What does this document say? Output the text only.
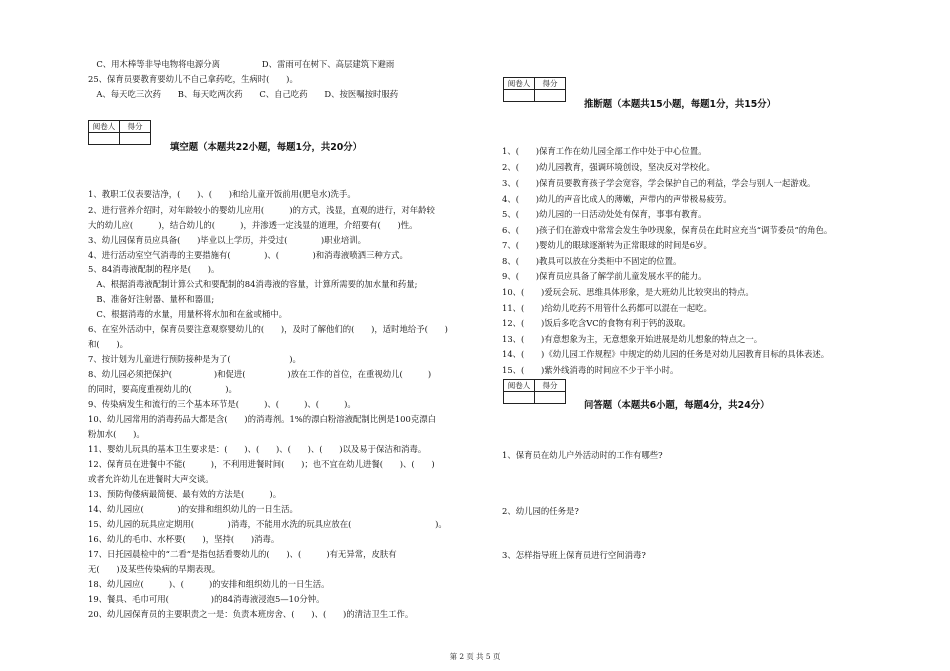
　C、用木棒等非导电物将电源分离　　　　　D、雷雨可在树下、高层建筑下避雨
25、保育员要教育要幼儿不自己拿药吃，生病时(　　)。
　A、每天吃三次药　　B、每天吃两次药　　C、自己吃药　　D、按医嘱按时服药
阅卷人	得分

填空题（本题共22小题，每题1分，共20分）
1、教职工仪表要洁净，(　　)、(　　)和给儿童开饭前用(肥皂水)洗手。
2、进行营养介绍时，对年龄较小的婴幼儿应用(　　　)的方式，浅显，直观的进行，对年龄较
大的幼儿应(　　　)，结合幼儿的(　　　)，并渗透一定浅显的道理，介绍要有(　　)性。
3、幼儿园保育员应具备(　　)毕业以上学历，并受过(　　　　)职业培训。
4、进行活动室空气消毒的主要措施有(　　　　)、(　　　　)和消毒液喷洒三种方式。
5、84消毒液配制的程序是(　　)。
　A、根据消毒液配制计算公式和要配制的84消毒液的容量，计算所需要的加水量和药量;
　B、准备好注射器、量杯和器皿;
　C、根据消毒的水量，用量杯将水加和在盆或桶中。
6、在室外活动中，保育员要注意观察婴幼儿的(　　)，及时了解他们的(　　)，适时地给予(　　)
和(　　)。
7、按计划为儿童进行预防接种是为了(　　　　　　　)。
8、幼儿园必须把保护(　　　　　)和促进(　　　　　)放在工作的首位，在重视幼儿(　　　)
的同时，要高度重视幼儿的(　　　　)。
9、传染病发生和流行的三个基本环节是(　　　)、(　　　)、(　　　)。
10、幼儿园常用的消毒药品大都是含(　　)的消毒剂。1%的漂白粉溶液配制比例是100克漂白
粉加水(　　)。
11、婴幼儿玩具的基本卫生要求是：(　　)、(　　)、(　　)、(　　)以及易于保洁和消毒。
12、保育员在进餐中不能(　　　)，不利用进餐时间(　　)；也不宜在幼儿进餐(　　)、(　　)
或者允许幼儿在进餐时大声交谈。
13、预防佝偻病最简便、最有效的方法是(　　　)。
14、幼儿园应(　　　　)的安排和组织幼儿的一日生活。
15、幼儿园的玩具应定期用(　　　　)消毒，不能用水洗的玩具应放在(　　　　　　　　　　)。
16、幼儿的毛巾、水杯要(　　)，坚持(　　)消毒。
17、日托园晨检中的“二看”是指包括看婴幼儿的(　　)、(　　　)有无异常，皮肤有
无(　　)及某些传染病的早期表现。
18、幼儿园应(　　　)、(　　　)的安排和组织幼儿的一日生活。
19、餐具、毛巾可用(　　　　　)的84消毒液浸泡5—10分钟。
20、幼儿园保育员的主要职责之一是：负责本班房舍、(　　)、(　　)的清洁卫生工作。
阅卷人	得分

推断题（本题共15小题，每题1分，共15分）
1、(　　)保育工作在幼儿园全部工作中处于中心位置。
2、(　　)幼儿园教育，强调环境创设，坚决反对学校化。
3、(　　)保育员要教育孩子学会宽容，学会保护自己的利益，学会与别人一起游戏。
4、(　　)幼儿的声音比成人的薄嫩，声带内的声带极易疲劳。
5、(　　)幼儿园的一日活动处处有保育，事事有教育。
6、(　　)孩子们在游戏中常常会发生争吵现象，保育员在此时应充当“调节委员”的角色。
7、(　　)婴幼儿的眼球逐渐转为正常眼球的时间是6岁。
8、(　　)教具可以放在分类柜中不固定的位置。
9、(　　)保育员应具备了解学前儿童发展水平的能力。
10、(　　)爱玩会玩、思维具体形象，是大班幼儿比较突出的特点。
11、(　　)给幼儿吃药不用管什么药都可以混在一起吃。
12、(　　)饭后多吃含VC的食物有利于钙的汲取。
13、(　　)有意想象为主，无意想象开始进展是幼儿想象的特点之一。
14、(　　)《幼儿园工作规程》中规定的幼儿园的任务是对幼儿园教育目标的具体表述。
15、(　　)紫外线消毒的时间应不少于半小时。
阅卷人	得分

问答题（本题共6小题，每题4分，共24分）
1、保育员在幼儿户外活动时的工作有哪些?
2、幼儿园的任务是?
3、怎样指导班上保育员进行空间消毒?
第 2 页 共 5 页
